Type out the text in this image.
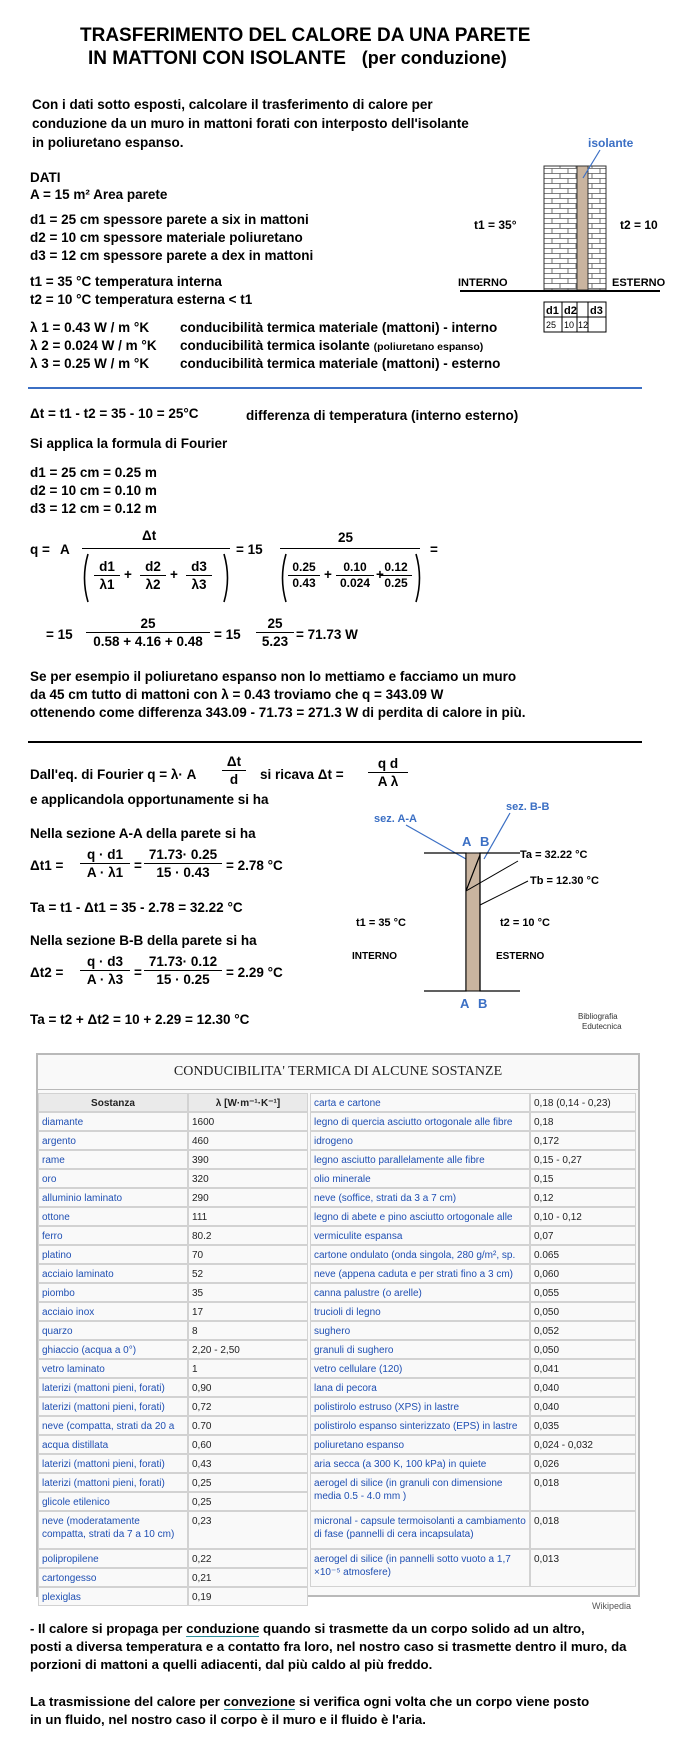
TRASFERIMENTO DEL CALORE DA UNA PARETE
IN MATTONI CON ISOLANTE (per conduzione)
Con i dati sotto esposti, calcolare il trasferimento di calore per
conduzione da un muro in mattoni forati con interposto dell'isolante
in poliuretano espanso.
DATI
A = 15 m² Area parete
d1 = 25 cm spessore parete a six in mattoni
d2 = 10 cm spessore materiale poliuretano
d3 = 12 cm spessore parete a dex in mattoni
t1 = 35 °C temperatura interna
t2 = 10 °C temperatura esterna < t1
λ 1 = 0.43 W / m °K conducibilità termica materiale (mattoni) - interno
λ 2 = 0.024 W / m °K conducibilità termica isolante (poliuretano espanso)
λ 3 = 0.25 W / m °K conducibilità termica materiale (mattoni) - esterno
isolante
t1 = 35°	t2 = 10
INTERNO	ESTERNO
d1 d2 d3
25 10 12
Δt = t1 - t2 = 35 - 10 = 25°C	differenza di temperatura (interno esterno)
Si applica la formula di Fourier
d1 = 25 cm = 0.25 m
d2 = 10 cm = 0.10 m
d3 = 12 cm = 0.12 m
q = A
Δt
$\frac{d1}{\lambda 1} + \frac{d2}{\lambda 2} + \frac{d3}{\lambda 3}$
= 15
25
$\frac{0.25}{0.43} + \frac{0.10}{0.024}$ +
$\frac{0.12}{0.25}$
=
= $15 \frac{25}{0.58 + 4.16 + 0.48} = 15 \frac{25}{5.23} = 71.73$ W
Se per esempio il poliuretano espanso non lo mettiamo e facciamo un muro
da 45 cm tutto di mattoni con λ = 0.43 troviamo che q = 343.09 W
ottenendo come differenza 343.09 - 71.73 = 271.3 W di perdita di calore in più.
Dall'eq. di Fourier q = λ· A $\frac{\Delta t}{d}$ si ricava $\Delta t = \frac{\text{q d}}{\text{A λ}}$
e applicandola opportunamente si ha
Nella sezione A-A della parete si ha
$\Delta t1 = \frac{q \cdot d1}{A \cdot \lambda 1} = \frac{71.73\cdot 0.25}{15 \cdot 0.43} = 2.78$ °C
Ta = t1 - Δt1 = 35 - 2.78 = 32.22 °C
Nella sezione B-B della parete si ha
$\Delta t2 = \frac{q \cdot d3}{A \cdot \lambda 3} = \frac{71.73\cdot 0.12}{15 \cdot 0.25} = 2.29$ °C
Ta = t2 + Δt2 = 10 + 2.29 = 12.30 °C
sez. A-A
sez. B-B
A B
Ta = 32.22 °C
Tb = 12.30 °C
t1 = 35 °C	t2 = 10 °C
INTERNO	ESTERNO
A B
Bibliografia
Edutecnica
CONDUCIBILITA' TERMICA DI ALCUNE SOSTANZE
Sostanza	λ [W·m⁻¹·K⁻¹]
diamante	1600
argento	460
rame	390
oro	320
alluminio laminato	290
ottone	111
ferro	80.2
platino	70
acciaio laminato	52
piombo	35
acciaio inox	17
quarzo	8
ghiaccio (acqua a 0°)	2,20 - 2,50
vetro laminato	1
laterizi (mattoni pieni, forati)	0,90
laterizi (mattoni pieni, forati)	0,72
neve (compatta, strati da 20 a	0.70
acqua distillata	0,60
laterizi (mattoni pieni, forati)	0,43
laterizi (mattoni pieni, forati)	0,25
glicole etilenico	0,25
neve (moderatamente compatta, strati da 7 a 10 cm)
0,23
polipropilene	0,22
cartongesso	0,21
plexiglas	0,19
carta e cartone	0,18 (0,14 - 0,23)
legno di quercia asciutto ortogonale alle fibre	0,18
idrogeno	0,172
legno asciutto parallelamente alle fibre	0,15 - 0,27
olio minerale	0,15
neve (soffice, strati da 3 a 7 cm)	0,12
legno di abete e pino asciutto ortogonale alle	0,10 - 0,12
vermiculite espansa	0,07
cartone ondulato (onda singola, 280 g/m², sp.	0.065
neve (appena caduta e per strati fino a 3 cm)	0,060
canna palustre (o arelle)	0,055
trucioli di legno	0,050
sughero	0,052
granuli di sughero	0,050
vetro cellulare (120)	0,041
lana di pecora	0,040
polistirolo estruso (XPS) in lastre	0,040
polistirolo espanso sinterizzato (EPS) in lastre	0,035
poliuretano espanso	0,024 - 0,032
aria secca (a 300 K, 100 kPa) in quiete	0,026
aerogel di silice (in granuli con dimensione media 0.5 - 4.0 mm )
0,018
micronal - capsule termoisolanti a cambiamento di fase (pannelli di cera incapsulata)
0,018
aerogel di silice (in pannelli sotto vuoto a 1,7 ×10⁻⁵ atmosfere)
0,013
Wikipedia
- Il calore si propaga per conduzione quando si trasmette da un corpo solido ad un altro,
posti a diversa temperatura e a contatto fra loro, nel nostro caso si trasmette dentro il muro, da
porzioni di mattoni a quelli adiacenti, dal più caldo al più freddo.
La trasmissione del calore per convezione si verifica ogni volta che un corpo viene posto
in un fluido, nel nostro caso il corpo è il muro e il fluido è l'aria.
